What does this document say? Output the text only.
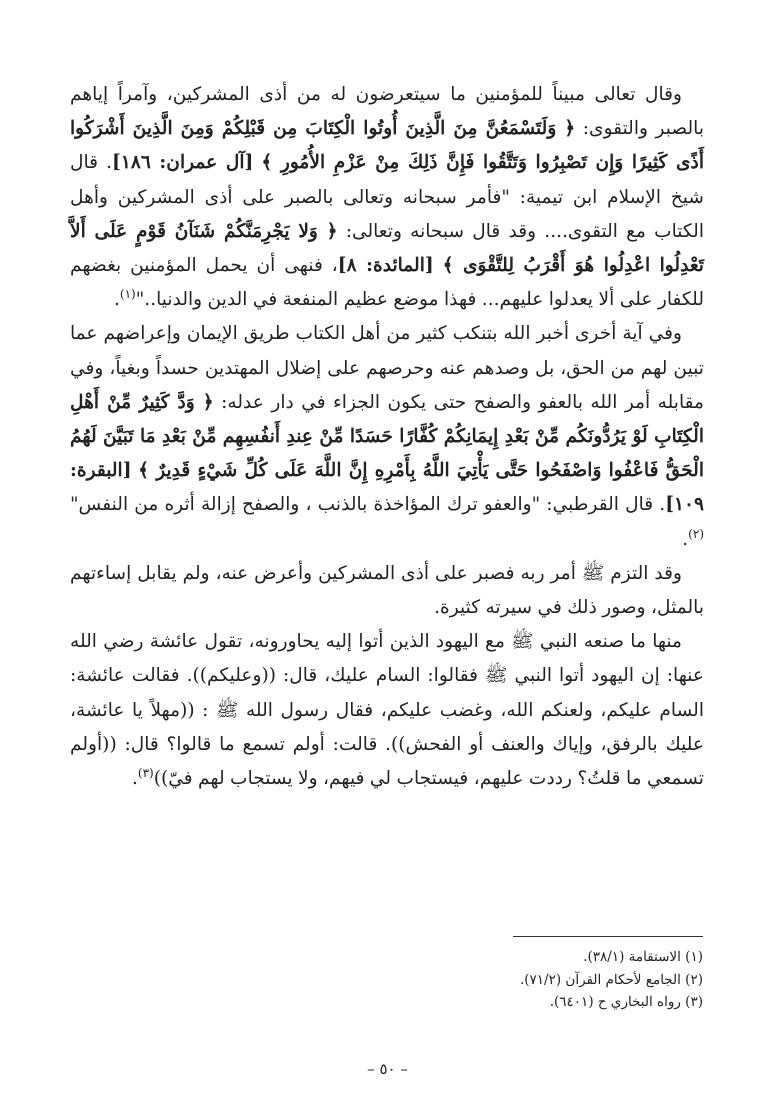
وقال تعالى مبيناً للمؤمنين ما سيتعرضون له من أذى المشركين، وآمراً إياهم بالصبر والتقوى: ﴿ وَلَتَسْمَعُنَّ مِنَ الَّذِينَ أُوتُوا الْكِتَابَ مِن قَبْلِكُمْ وَمِنَ الَّذِينَ أَشْرَكُوا أَذًى كَثِيرًا وَإِن تَصْبِرُوا وَتَتَّقُوا فَإِنَّ ذَلِكَ مِنْ عَزْمِ الأُمُورِ ﴾ [آل عمران: ١٨٦]. قال شيخ الإسلام ابن تيمية: "فأمر سبحانه وتعالى بالصبر على أذى المشركين وأهل الكتاب مع التقوى.... وقد قال سبحانه وتعالى: ﴿ وَلا يَجْرِمَنَّكُمْ شَنَآنُ قَوْمٍ عَلَى أَلاَّ تَعْدِلُوا اعْدِلُوا هُوَ أَقْرَبُ لِلتَّقْوَى ﴾ [المائدة: ٨]، فنهى أن يحمل المؤمنين بغضهم للكفار على ألا يعدلوا عليهم... فهذا موضع عظيم المنفعة في الدين والدنيا.."$^{(١)}$.

وفي آية أخرى أخبر الله بتنكب كثير من أهل الكتاب طريق الإيمان وإعراضهم عما تبين لهم من الحق، بل وصدهم عنه وحرصهم على إضلال المهتدين حسداً وبغياً، وفي مقابله أمر الله بالعفو والصفح حتى يكون الجزاء في دار عدله: ﴿ وَدَّ كَثِيرٌ مِّنْ أَهْلِ الْكِتَابِ لَوْ يَرُدُّونَكُم مِّنْ بَعْدِ إِيمَانِكُمْ كُفَّارًا حَسَدًا مِّنْ عِندِ أَنفُسِهِم مِّنْ بَعْدِ مَا تَبَيَّنَ لَهُمُ الْحَقُّ فَاعْفُوا وَاصْفَحُوا حَتَّى يَأْتِيَ اللَّهُ بِأَمْرِهِ إِنَّ اللَّهَ عَلَى كُلِّ شَيْءٍ قَدِيرٌ ﴾ [البقرة: ١٠٩]. قال القرطبي: "والعفو ترك المؤاخذة بالذنب ، والصفح إزالة أثره من النفس"$^{(٢)}$.

وقد التزم ﷺ أمر ربه فصبر على أذى المشركين وأعرض عنه، ولم يقابل إساءتهم بالمثل، وصور ذلك في سيرته كثيرة.

منها ما صنعه النبي ﷺ مع اليهود الذين أتوا إليه يحاورونه، تقول عائشة رضي الله عنها: إن اليهود أتوا النبي ﷺ فقالوا: السام عليك، قال: ((وعليكم)). فقالت عائشة: السام عليكم، ولعنكم الله، وغضب عليكم، فقال رسول الله ﷺ : ((مهلاً يا عائشة، عليك بالرفق، وإياك والعنف أو الفحش)). قالت: أولم تسمع ما قالوا؟ قال: ((أولم تسمعي ما قلتُ؟ رددت عليهم، فيستجاب لي فيهم، ولا يستجاب لهم فيّ))$^{(٣)}$.

(١) الاستقامة (٣٨/١).
(٢) الجامع لأحكام القرآن (٧١/٢).
(٣) رواه البخاري ح (٦٤٠١).
– ٥٠ –
